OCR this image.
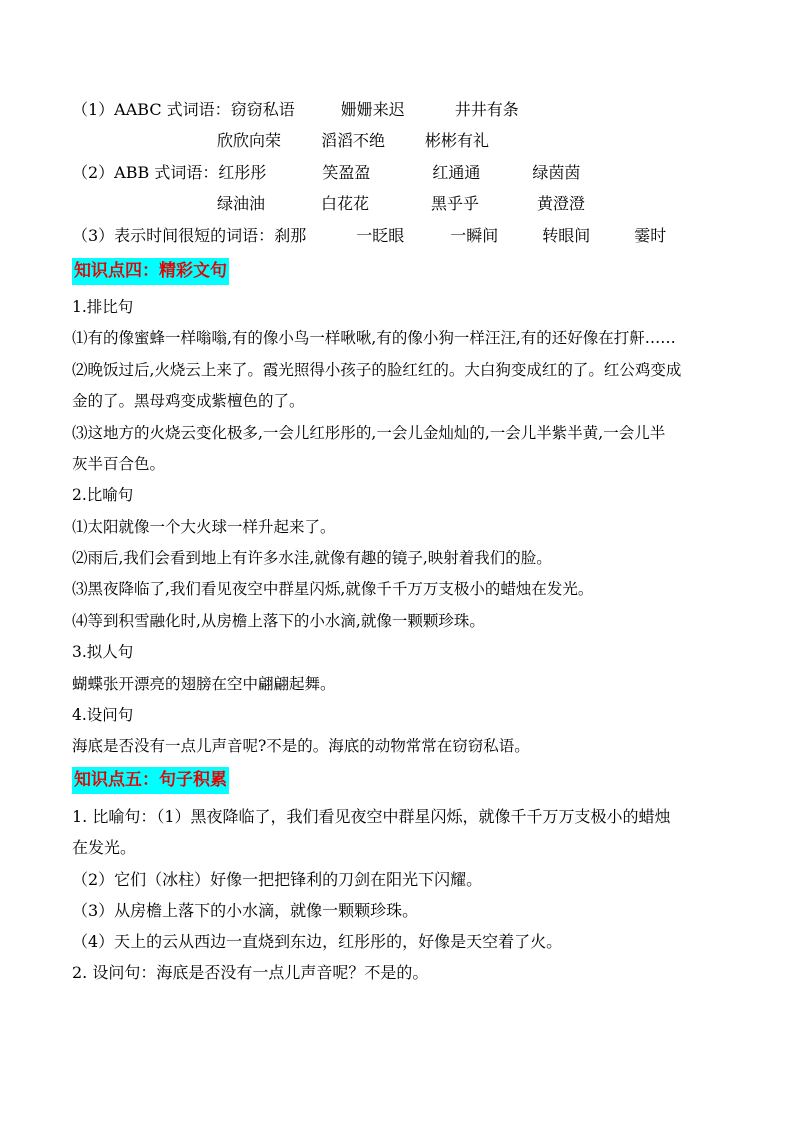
（1）AABC 式词语：窃窃私语	姗姗来迟	井井有条
欣欣向荣	滔滔不绝	彬彬有礼
（2）ABB 式词语：红彤彤	笑盈盈	红通通	绿茵茵
绿油油	白花花	黑乎乎	黄澄澄
（3）表示时间很短的词语：刹那	一眨眼	一瞬间	转眼间	霎时
知识点四：精彩文句
1.排比句
⑴有的像蜜蜂一样嗡嗡,有的像小鸟一样啾啾,有的像小狗一样汪汪,有的还好像在打鼾……
⑵晚饭过后,火烧云上来了。霞光照得小孩子的脸红红的。大白狗变成红的了。红公鸡变成
金的了。黑母鸡变成紫檀色的了。
⑶这地方的火烧云变化极多,一会儿红彤彤的,一会儿金灿灿的,一会儿半紫半黄,一会儿半
灰半百合色。
2.比喻句
⑴太阳就像一个大火球一样升起来了。
⑵雨后,我们会看到地上有许多水洼,就像有趣的镜子,映射着我们的脸。
⑶黑夜降临了,我们看见夜空中群星闪烁,就像千千万万支极小的蜡烛在发光。
⑷等到积雪融化时,从房檐上落下的小水滴,就像一颗颗珍珠。
3.拟人句
蝴蝶张开漂亮的翅膀在空中翩翩起舞。
4.设问句
海底是否没有一点儿声音呢?不是的。海底的动物常常在窃窃私语。
知识点五：句子积累
1. 比喻句：（1）黑夜降临了，我们看见夜空中群星闪烁，就像千千万万支极小的蜡烛
在发光。
（2）它们（冰柱）好像一把把锋利的刀剑在阳光下闪耀。
（3）从房檐上落下的小水滴，就像一颗颗珍珠。
（4）天上的云从西边一直烧到东边，红彤彤的，好像是天空着了火。
2. 设问句：海底是否没有一点儿声音呢？不是的。
